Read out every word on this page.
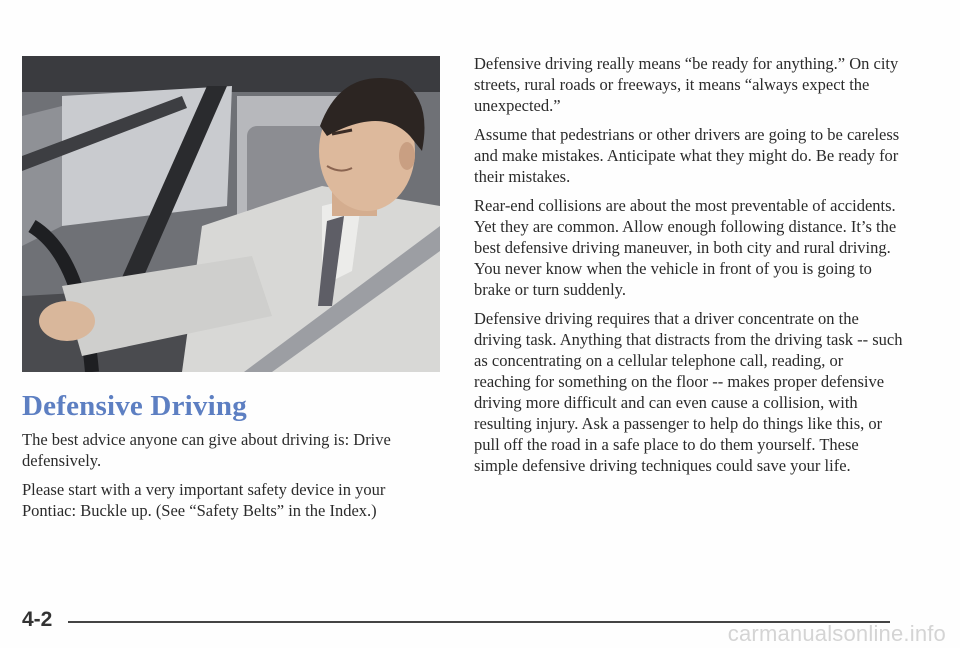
Defensive Driving

The best advice anyone can give about driving is: Drive defensively.

Please start with a very important safety device in your Pontiac: Buckle up. (See “Safety Belts” in the Index.)

Defensive driving really means “be ready for anything.” On city streets, rural roads or freeways, it means “always expect the unexpected.”

Assume that pedestrians or other drivers are going to be careless and make mistakes. Anticipate what they might do. Be ready for their mistakes.

Rear-end collisions are about the most preventable of accidents. Yet they are common. Allow enough following distance. It’s the best defensive driving maneuver, in both city and rural driving. You never know when the vehicle in front of you is going to brake or turn suddenly.

Defensive driving requires that a driver concentrate on the driving task. Anything that distracts from the driving task -- such as concentrating on a cellular telephone call, reading, or reaching for something on the floor -- makes proper defensive driving more difficult and can even cause a collision, with resulting injury. Ask a passenger to help do things like this, or pull off the road in a safe place to do them yourself. These simple defensive driving techniques could save your life.

4-2
carmanualsonline.info
